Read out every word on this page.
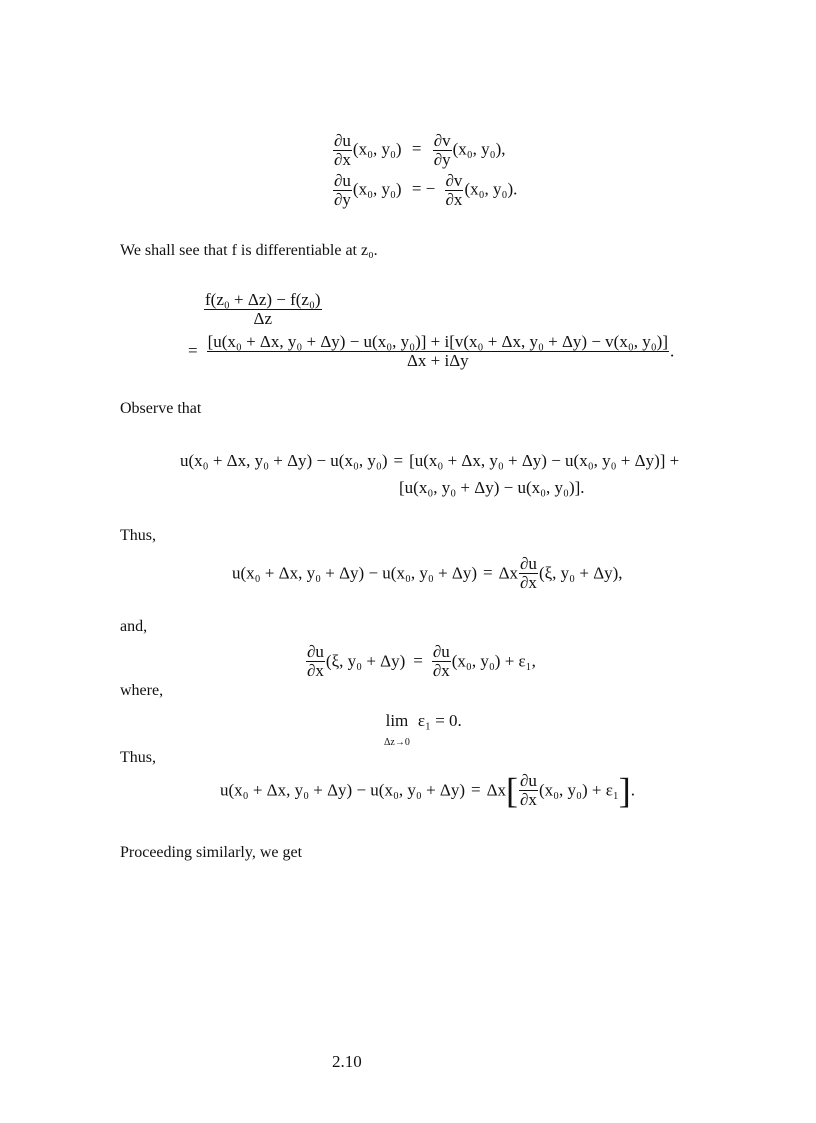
$\frac{\partial u}{\partial x} (x_0$, $y_0) = \frac{\partial v}{\partial y} (x_0$, y₀),
$\frac{\partial u}{\partial y} (x_0$, y₀) = − $\frac{\partial v}{\partial x} (x_0$, y₀).
We shall see that f is differentiable at z₀.
$\frac{\text{f(z₀ + Δz) − f(z₀)}}{\Delta z}$
= [u(x₀ + Δx, y₀ + Δy) − u(x₀, y₀)] + i[v(x₀ + Δx, y₀ + Δy) − v(x₀, y₀)]
Δx + iΔy	.
Observe that
u(x₀ + Δx, y₀ + Δy) − u(x₀, y₀) = [u(x₀ + Δx, y₀ + Δy) − u(x₀, y₀ + Δy)] +
[u(x₀, y₀ + Δy) − u(x₀, y₀)].
Thus,
u(x₀ + Δx, y₀ + Δy) − u(x₀, y₀ + Δy) = Δx $\frac{\partial u}{\partial x} (\xi$, y₀ + Δy),
and,
$\frac{\partial u}{\partial x} (\xi$, $y_0 + \Delta y) = \frac{\partial u}{\partial x} (x_0$, y₀) + ε₁,
where,
lim
Δz→0
ε₁ = 0.
Thus,
u(x₀ + Δx, y₀ + Δy) − u(x₀, $y_0 + \Delta y) = \Delta x[ \frac{\partial u}{\partial x} (x_0$, y₀) + ε₁].
Proceeding similarly, we get
2.10
